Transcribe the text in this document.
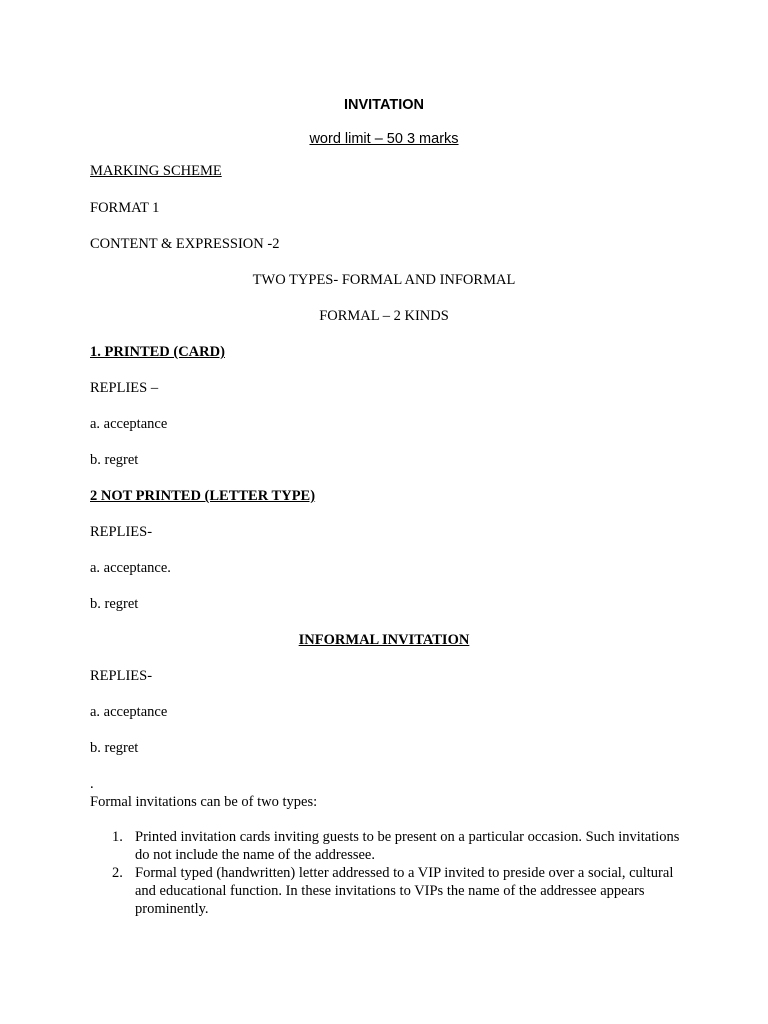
INVITATION
word limit – 50 3 marks
MARKING SCHEME
FORMAT 1
CONTENT & EXPRESSION -2
TWO TYPES- FORMAL AND INFORMAL
FORMAL – 2 KINDS
1. PRINTED (CARD)
REPLIES –
a. acceptance
b. regret
2 NOT PRINTED (LETTER TYPE)
REPLIES-
a. acceptance.
b. regret
INFORMAL INVITATION
REPLIES-
a. acceptance
b. regret
.
Formal invitations can be of two types:
1. Printed invitation cards inviting guests to be present on a particular occasion. Such invitations do not include the name of the addressee.
2. Formal typed (handwritten) letter addressed to a VIP invited to preside over a social, cultural and educational function. In these invitations to VIPs the name of the addressee appears prominently.
